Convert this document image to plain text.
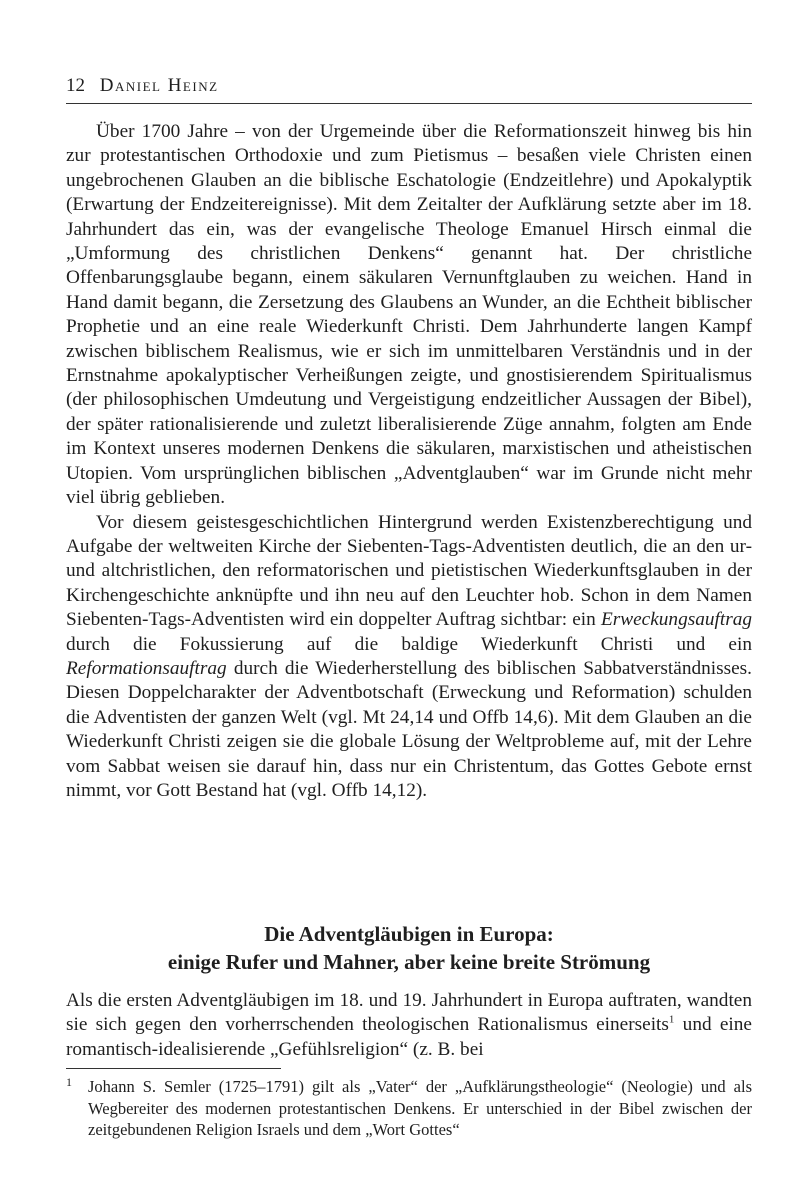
12 Daniel Heinz

Über 1700 Jahre – von der Urgemeinde über die Reformationszeit hinweg bis hin zur protestantischen Orthodoxie und zum Pietismus – besaßen viele Christen einen ungebrochenen Glauben an die biblische Eschatologie (Endzeitlehre) und Apokalyptik (Erwartung der Endzeitereignisse). Mit dem Zeitalter der Aufklärung setzte aber im 18. Jahrhundert das ein, was der evangelische Theologe Emanuel Hirsch einmal die „Umformung des christlichen Denkens“ genannt hat. Der christliche Offenbarungsglaube begann, einem säkularen Vernunftglauben zu weichen. Hand in Hand damit begann, die Zersetzung des Glaubens an Wunder, an die Echtheit biblischer Prophetie und an eine reale Wiederkunft Christi. Dem Jahrhunderte langen Kampf zwischen biblischem Realismus, wie er sich im unmittelbaren Verständnis und in der Ernstnahme apokalyptischer Verheißungen zeigte, und gnostisierendem Spiritualismus (der philosophischen Umdeutung und Vergeistigung endzeitlicher Aussagen der Bibel), der später rationalisierende und zuletzt liberalisierende Züge annahm, folgten am Ende im Kontext unseres modernen Denkens die säkularen, marxistischen und atheistischen Utopien. Vom ursprünglichen biblischen „Adventglauben“ war im Grunde nicht mehr viel übrig geblieben.

Vor diesem geistesgeschichtlichen Hintergrund werden Existenzberechtigung und Aufgabe der weltweiten Kirche der Siebenten-Tags-Adventisten deutlich, die an den ur- und altchristlichen, den reformatorischen und pietistischen Wiederkunftsglauben in der Kirchengeschichte anknüpfte und ihn neu auf den Leuchter hob. Schon in dem Namen Siebenten-Tags-Adventisten wird ein doppelter Auftrag sichtbar: ein Erweckungsauftrag durch die Fokussierung auf die baldige Wiederkunft Christi und ein Reformationsauftrag durch die Wiederherstellung des biblischen Sabbatverständnisses. Diesen Doppelcharakter der Adventbotschaft (Erweckung und Reformation) schulden die Adventisten der ganzen Welt (vgl. Mt 24,14 und Offb 14,6). Mit dem Glauben an die Wiederkunft Christi zeigen sie die globale Lösung der Weltprobleme auf, mit der Lehre vom Sabbat weisen sie darauf hin, dass nur ein Christentum, das Gottes Gebote ernst nimmt, vor Gott Bestand hat (vgl. Offb 14,12).

Die Adventgläubigen in Europa:
einige Rufer und Mahner, aber keine breite Strömung

Als die ersten Adventgläubigen im 18. und 19. Jahrhundert in Europa auftraten, wandten sie sich gegen den vorherrschenden theologischen Rationalismus einerseits$^1$ und eine romantisch-idealisierende „Gefühlsreligion“ (z. B. bei

1 Johann S. Semler (1725–1791) gilt als „Vater“ der „Aufklärungstheologie“ (Neologie) und als Wegbereiter des modernen protestantischen Denkens. Er unterschied in der Bibel zwischen der zeitgebundenen Religion Israels und dem „Wort Gottes“
